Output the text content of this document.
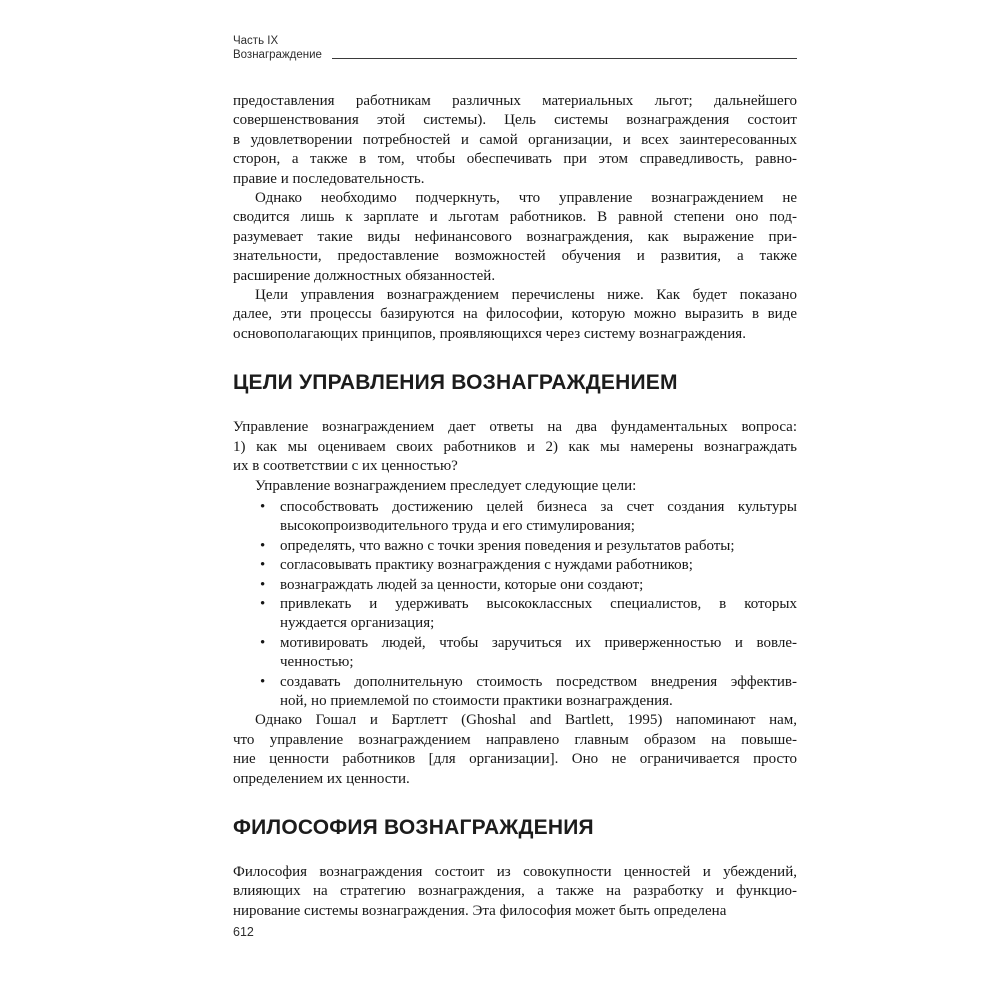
Часть IX
Вознаграждение
предоставления работникам различных материальных льгот; дальнейшего
совершенствования этой системы). Цель системы вознаграждения состоит
в удовлетворении потребностей и самой организации, и всех заинтересованных
сторон, а также в том, чтобы обеспечивать при этом справедливость, равно-
правие и последовательность.
Однако необходимо подчеркнуть, что управление вознаграждением не
сводится лишь к зарплате и льготам работников. В равной степени оно под-
разумевает такие виды нефинансового вознаграждения, как выражение при-
знательности, предоставление возможностей обучения и развития, а также
расширение должностных обязанностей.
Цели управления вознаграждением перечислены ниже. Как будет показано
далее, эти процессы базируются на философии, которую можно выразить в виде
основополагающих принципов, проявляющихся через систему вознаграждения.
ЦЕЛИ УПРАВЛЕНИЯ ВОЗНАГРАЖДЕНИЕМ
Управление вознаграждением дает ответы на два фундаментальных вопроса:
1) как мы оцениваем своих работников и 2) как мы намерены вознаграждать
их в соответствии с их ценностью?
Управление вознаграждением преследует следующие цели:
• способствовать достижению целей бизнеса за счет создания культуры
высокопроизводительного труда и его стимулирования;
• определять, что важно с точки зрения поведения и результатов работы;
• согласовывать практику вознаграждения с нуждами работников;
• вознаграждать людей за ценности, которые они создают;
• привлекать и удерживать высококлассных специалистов, в которых
нуждается организация;
• мотивировать людей, чтобы заручиться их приверженностью и вовле-
ченностью;
• создавать дополнительную стоимость посредством внедрения эффектив-
ной, но приемлемой по стоимости практики вознаграждения.
Однако Гошал и Бартлетт (Ghoshal and Bartlett, 1995) напоминают нам,
что управление вознаграждением направлено главным образом на повыше-
ние ценности работников [для организации]. Оно не ограничивается просто
определением их ценности.
ФИЛОСОФИЯ ВОЗНАГРАЖДЕНИЯ
Философия вознаграждения состоит из совокупности ценностей и убеждений,
влияющих на стратегию вознаграждения, а также на разработку и функцио-
нирование системы вознаграждения. Эта философия может быть определена
612
